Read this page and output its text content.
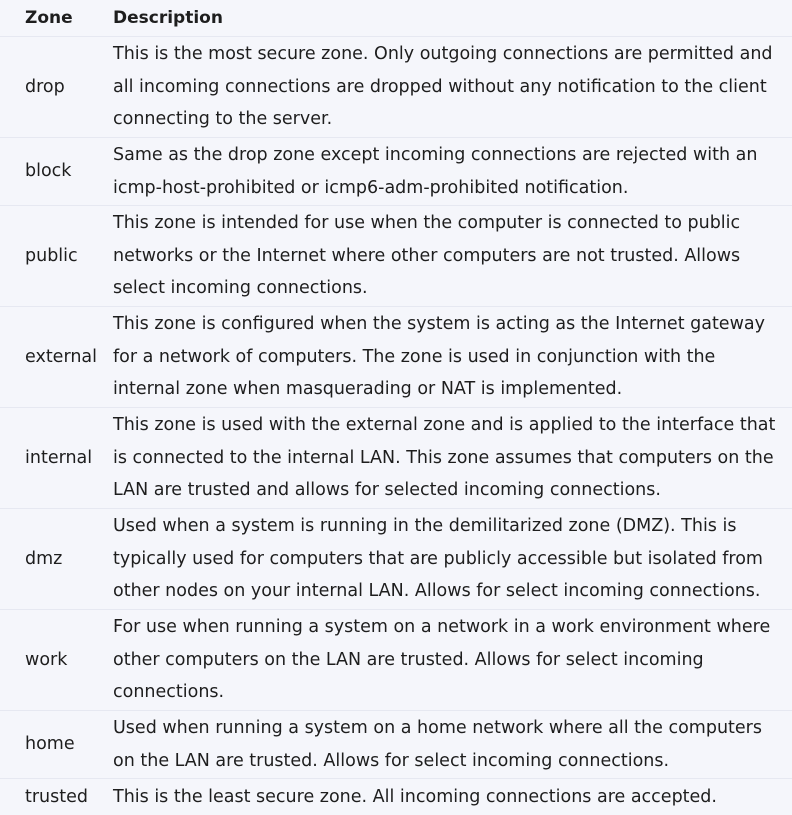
Zone	Description
drop	This is the most secure zone. Only outgoing connections are permitted and all incoming connections are dropped without any notification to the client connecting to the server.
block	Same as the drop zone except incoming connections are rejected with an icmp-host-prohibited or icmp6-adm-prohibited notification.
public	This zone is intended for use when the computer is connected to public networks or the Internet where other computers are not trusted. Allows select incoming connections.
external	This zone is configured when the system is acting as the Internet gateway for a network of computers. The zone is used in conjunction with the internal zone when masquerading or NAT is implemented.
internal	This zone is used with the external zone and is applied to the interface that is connected to the internal LAN. This zone assumes that computers on the LAN are trusted and allows for selected incoming connections.
dmz	Used when a system is running in the demilitarized zone (DMZ). This is typically used for computers that are publicly accessible but isolated from other nodes on your internal LAN. Allows for select incoming connections.
work	For use when running a system on a network in a work environment where other computers on the LAN are trusted. Allows for select incoming connections.
home	Used when running a system on a home network where all the computers on the LAN are trusted. Allows for select incoming connections.
trusted	This is the least secure zone. All incoming connections are accepted.
